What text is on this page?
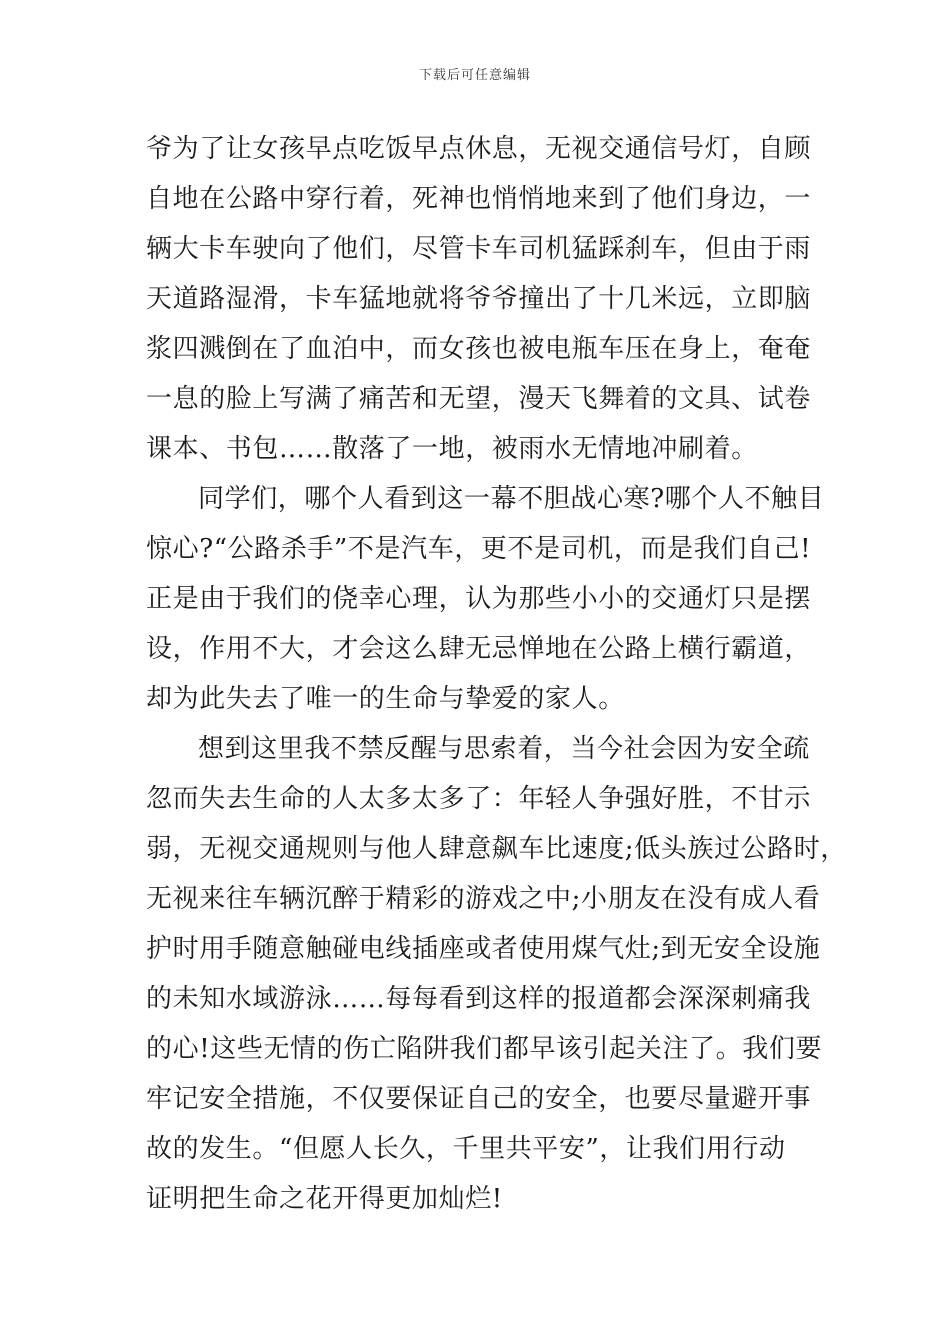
下载后可任意编辑
爷为了让女孩早点吃饭早点休息，无视交通信号灯，自顾
自地在公路中穿行着，死神也悄悄地来到了他们身边，一
辆大卡车驶向了他们，尽管卡车司机猛踩刹车，但由于雨
天道路湿滑，卡车猛地就将爷爷撞出了十几米远，立即脑
浆四溅倒在了血泊中，而女孩也被电瓶车压在身上，奄奄
一息的脸上写满了痛苦和无望，漫天飞舞着的文具、试卷
课本、书包……散落了一地，被雨水无情地冲刷着。
同学们，哪个人看到这一幕不胆战心寒?哪个人不触目
惊心?“公路杀手”不是汽车，更不是司机，而是我们自己!
正是由于我们的侥幸心理，认为那些小小的交通灯只是摆
设，作用不大，才会这么肆无忌惮地在公路上横行霸道，
却为此失去了唯一的生命与挚爱的家人。
想到这里我不禁反醒与思索着，当今社会因为安全疏
忽而失去生命的人太多太多了：年轻人争强好胜，不甘示
弱，无视交通规则与他人肆意飙车比速度;低头族过公路时，
无视来往车辆沉醉于精彩的游戏之中;小朋友在没有成人看
护时用手随意触碰电线插座或者使用煤气灶;到无安全设施
的未知水域游泳……每每看到这样的报道都会深深刺痛我
的心!这些无情的伤亡陷阱我们都早该引起关注了。我们要
牢记安全措施，不仅要保证自己的安全，也要尽量避开事
故的发生。“但愿人长久，千里共平安”，让我们用行动
证明把生命之花开得更加灿烂!
